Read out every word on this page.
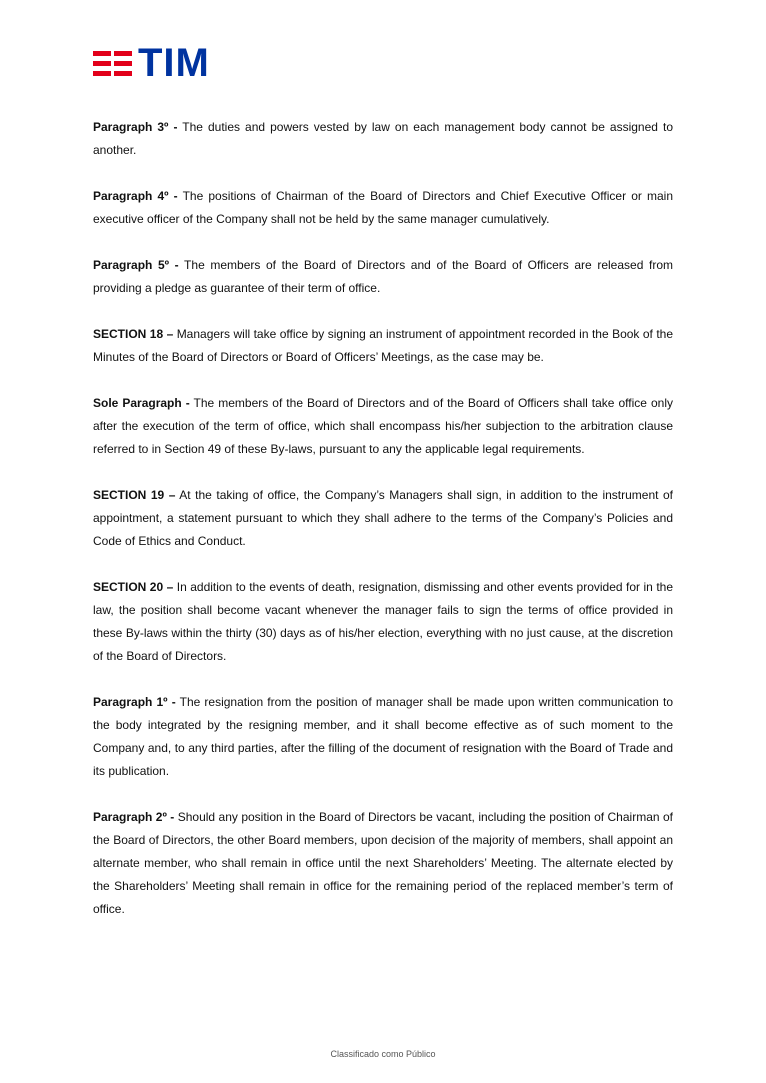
TIM

Paragraph 3º - The duties and powers vested by law on each management body cannot be assigned to another.

Paragraph 4º - The positions of Chairman of the Board of Directors and Chief Executive Officer or main executive officer of the Company shall not be held by the same manager cumulatively.

Paragraph 5º - The members of the Board of Directors and of the Board of Officers are released from providing a pledge as guarantee of their term of office.

SECTION 18 – Managers will take office by signing an instrument of appointment recorded in the Book of the Minutes of the Board of Directors or Board of Officers’ Meetings, as the case may be.

Sole Paragraph - The members of the Board of Directors and of the Board of Officers shall take office only after the execution of the term of office, which shall encompass his/her subjection to the arbitration clause referred to in Section 49 of these By-laws, pursuant to any the applicable legal requirements.

SECTION 19 – At the taking of office, the Company’s Managers shall sign, in addition to the instrument of appointment, a statement pursuant to which they shall adhere to the terms of the Company’s Policies and Code of Ethics and Conduct.

SECTION 20 – In addition to the events of death, resignation, dismissing and other events provided for in the law, the position shall become vacant whenever the manager fails to sign the terms of office provided in these By-laws within the thirty (30) days as of his/her election, everything with no just cause, at the discretion of the Board of Directors.

Paragraph 1º - The resignation from the position of manager shall be made upon written communication to the body integrated by the resigning member, and it shall become effective as of such moment to the Company and, to any third parties, after the filling of the document of resignation with the Board of Trade and its publication.

Paragraph 2º - Should any position in the Board of Directors be vacant, including the position of Chairman of the Board of Directors, the other Board members, upon decision of the majority of members, shall appoint an alternate member, who shall remain in office until the next Shareholders’ Meeting. The alternate elected by the Shareholders’ Meeting shall remain in office for the remaining period of the replaced member’s term of office.

Classificado como Público
